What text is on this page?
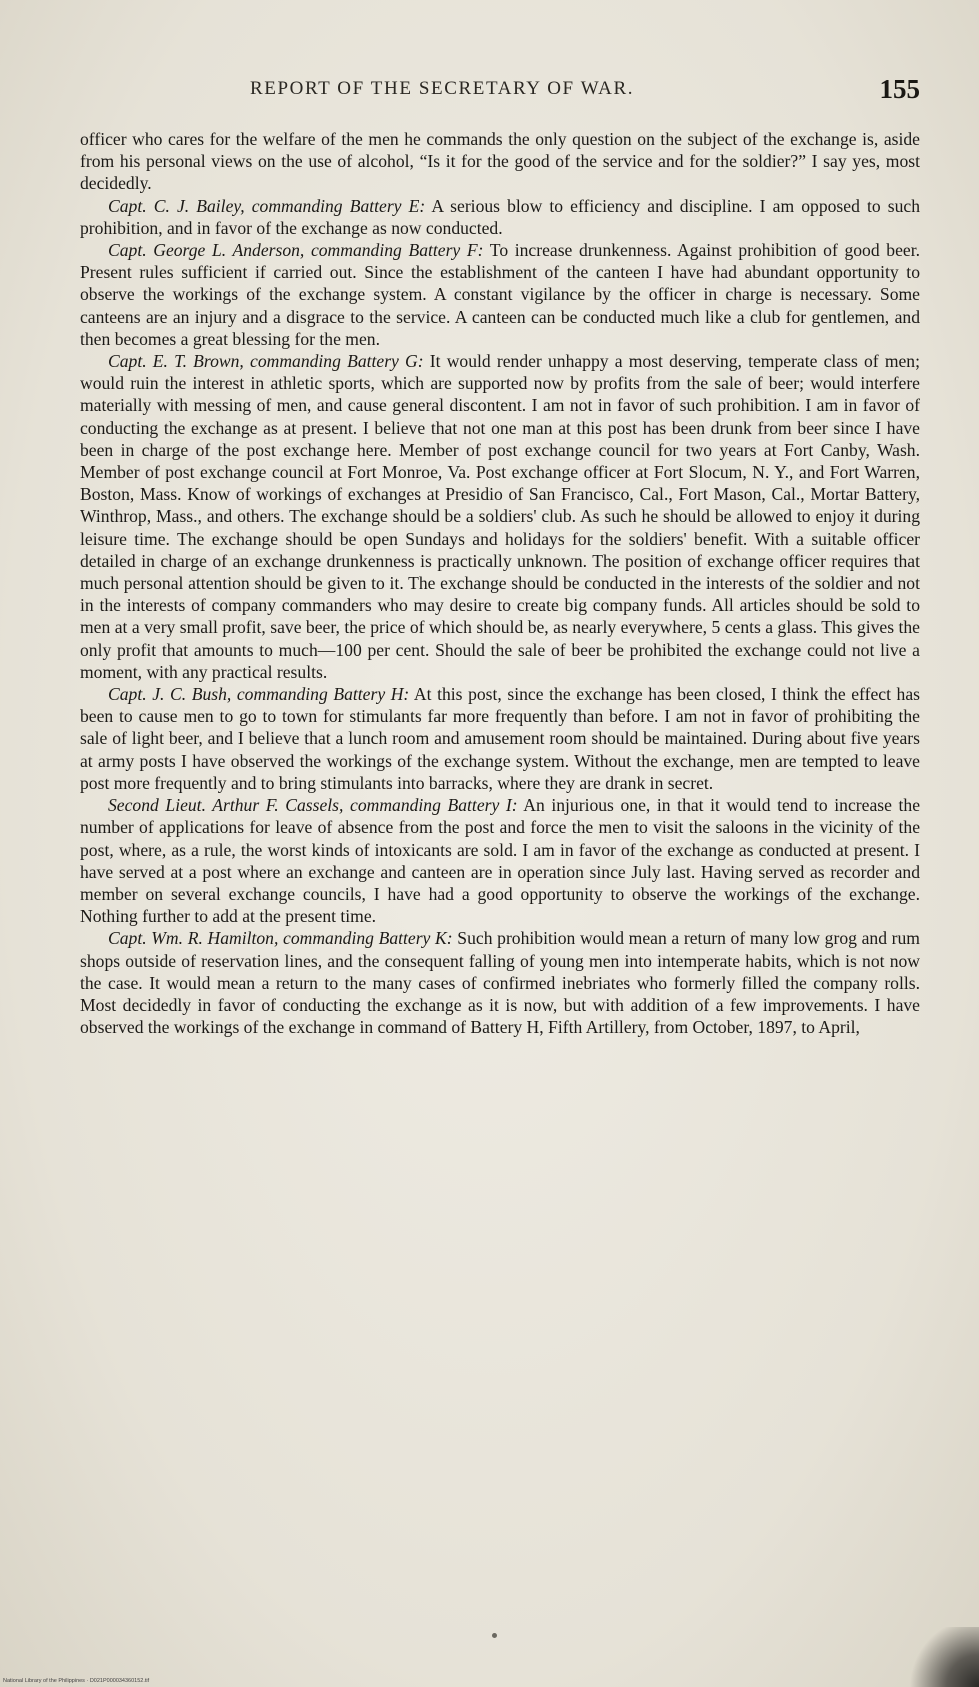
REPORT OF THE SECRETARY OF WAR.	155

officer who cares for the welfare of the men he commands the only question on the subject of the exchange is, aside from his personal views on the use of alcohol, “Is it for the good of the service and for the soldier?” I say yes, most decidedly.

Capt. C. J. Bailey, commanding Battery E: A serious blow to efficiency and discipline. I am opposed to such prohibition, and in favor of the exchange as now conducted.

Capt. George L. Anderson, commanding Battery F: To increase drunkenness. Against prohibition of good beer. Present rules sufficient if carried out. Since the establishment of the canteen I have had abundant opportunity to observe the workings of the exchange system. A constant vigilance by the officer in charge is necessary. Some canteens are an injury and a disgrace to the service. A canteen can be conducted much like a club for gentlemen, and then becomes a great blessing for the men.

Capt. E. T. Brown, commanding Battery G: It would render unhappy a most deserving, temperate class of men; would ruin the interest in athletic sports, which are supported now by profits from the sale of beer; would interfere materially with messing of men, and cause general discontent. I am not in favor of such prohibition. I am in favor of conducting the exchange as at present. I believe that not one man at this post has been drunk from beer since I have been in charge of the post exchange here. Member of post exchange council for two years at Fort Canby, Wash. Member of post exchange council at Fort Monroe, Va. Post exchange officer at Fort Slocum, N. Y., and Fort Warren, Boston, Mass. Know of workings of exchanges at Presidio of San Francisco, Cal., Fort Mason, Cal., Mortar Battery, Winthrop, Mass., and others. The exchange should be a soldiers' club. As such he should be allowed to enjoy it during leisure time. The exchange should be open Sundays and holidays for the soldiers' benefit. With a suitable officer detailed in charge of an exchange drunkenness is practically unknown. The position of exchange officer requires that much personal attention should be given to it. The exchange should be conducted in the interests of the soldier and not in the interests of company commanders who may desire to create big company funds. All articles should be sold to men at a very small profit, save beer, the price of which should be, as nearly everywhere, 5 cents a glass. This gives the only profit that amounts to much—100 per cent. Should the sale of beer be prohibited the exchange could not live a moment, with any practical results.

Capt. J. C. Bush, commanding Battery H: At this post, since the exchange has been closed, I think the effect has been to cause men to go to town for stimulants far more frequently than before. I am not in favor of prohibiting the sale of light beer, and I believe that a lunch room and amusement room should be maintained. During about five years at army posts I have observed the workings of the exchange system. Without the exchange, men are tempted to leave post more frequently and to bring stimulants into barracks, where they are drank in secret.

Second Lieut. Arthur F. Cassels, commanding Battery I: An injurious one, in that it would tend to increase the number of applications for leave of absence from the post and force the men to visit the saloons in the vicinity of the post, where, as a rule, the worst kinds of intoxicants are sold. I am in favor of the exchange as conducted at present. I have served at a post where an exchange and canteen are in operation since July last. Having served as recorder and member on several exchange councils, I have had a good opportunity to observe the workings of the exchange. Nothing further to add at the present time.

Capt. Wm. R. Hamilton, commanding Battery K: Such prohibition would mean a return of many low grog and rum shops outside of reservation lines, and the consequent falling of young men into intemperate habits, which is not now the case. It would mean a return to the many cases of confirmed inebriates who formerly filled the company rolls. Most decidedly in favor of conducting the exchange as it is now, but with addition of a few improvements. I have observed the workings of the exchange in command of Battery H, Fifth Artillery, from October, 1897, to April,

National Library of the Philippines · D021P000034360152.tif
